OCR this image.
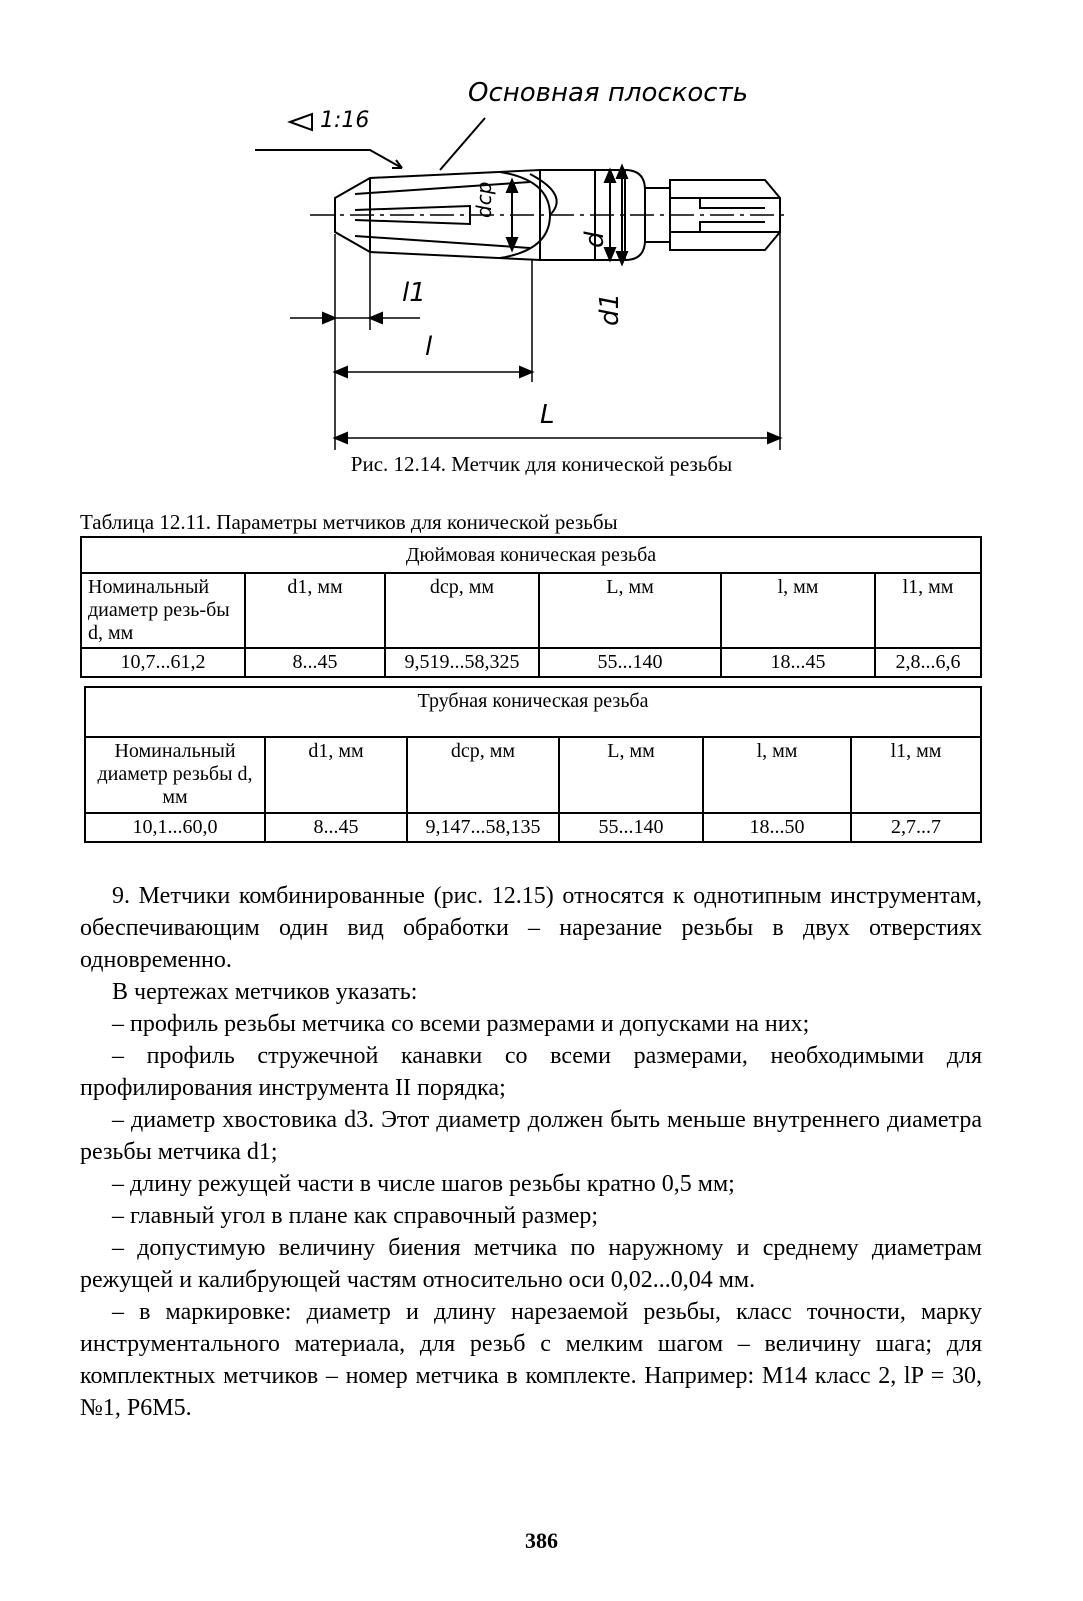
Основная плоскость
1:16
dср
d
d1
l1
l
L
Рис. 12.14. Метчик для конической резьбы
Таблица 12.11. Параметры метчиков для конической резьбы
Дюймовая коническая резьба					
Номинальный диаметр резь-бы d, мм	d1, мм	dср, мм	L, мм	l, мм	l1, мм
10,7...61,2	8...45	9,519...58,325	55...140	18...45	2,8...6,6
Трубная коническая резьба					
Номинальный диаметр резьбы d, мм	d1, мм	dср, мм	L, мм	l, мм	l1, мм
10,1...60,0	8...45	9,147...58,135	55...140	18...50	2,7...7

9. Метчики комбинированные (рис. 12.15) относятся к однотипным инструментам, обеспечивающим один вид обработки – нарезание резьбы в двух отверстиях одновременно.

В чертежах метчиков указать:

– профиль резьбы метчика со всеми размерами и допусками на них;

– профиль стружечной канавки со всеми размерами, необходимыми для профилирования инструмента II порядка;

– диаметр хвостовика d3. Этот диаметр должен быть меньше внутреннего диаметра резьбы метчика d1;

– длину режущей части в числе шагов резьбы кратно 0,5 мм;

– главный угол в плане как справочный размер;

– допустимую величину биения метчика по наружному и среднему диаметрам режущей и калибрующей частям относительно оси 0,02...0,04 мм.

– в маркировке: диаметр и длину нарезаемой резьбы, класс точности, марку инструментального материала, для резьб с мелким шагом – величину шага; для комплектных метчиков – номер метчика в комплекте. Например: М14 класс 2, lP = 30, №1, Р6М5.

386
